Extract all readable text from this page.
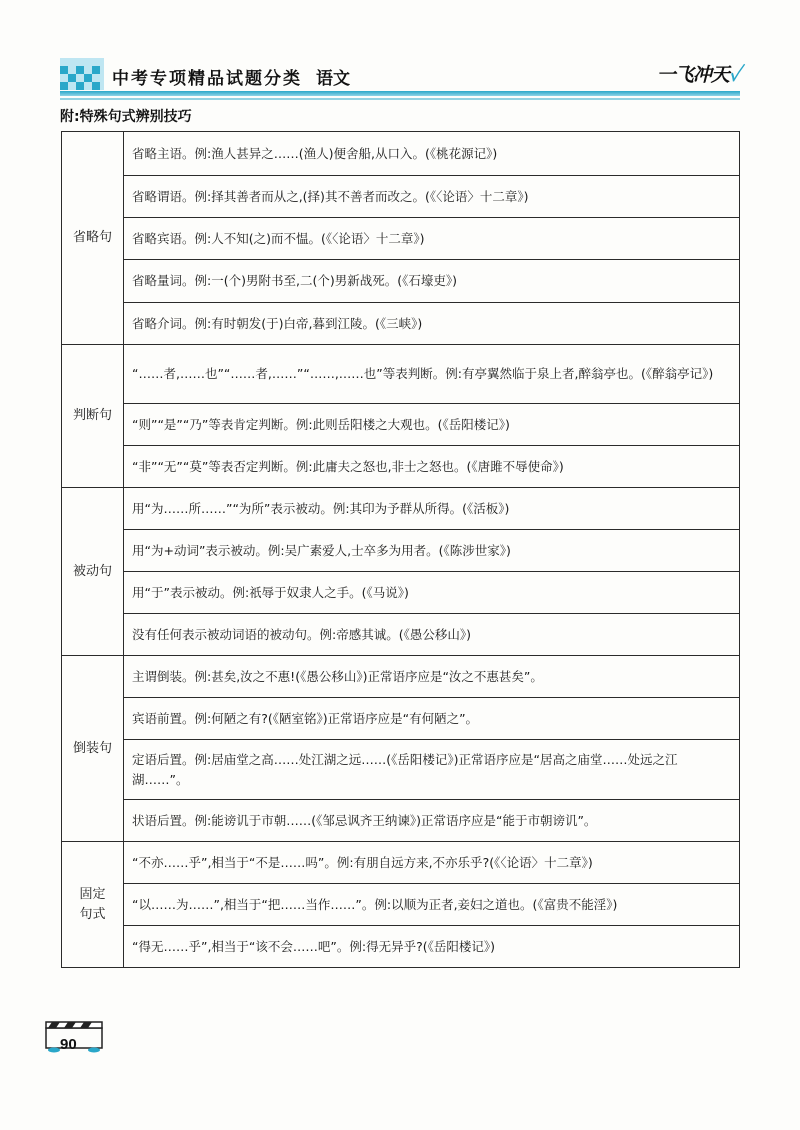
中考专项精品试题分类 语文	一飞冲天✓
附:特殊句式辨别技巧
省略句	省略主语。例:渔人甚异之……(渔人)便舍船,从口入。(《桃花源记》)
	省略谓语。例:择其善者而从之,(择)其不善者而改之。(《〈论语〉十二章》)
	省略宾语。例:人不知(之)而不愠。(《〈论语〉十二章》)
	省略量词。例:一(个)男附书至,二(个)男新战死。(《石壕吏》)
	省略介词。例:有时朝发(于)白帝,暮到江陵。(《三峡》)
判断句	“……者,……也”“……者,……”“……,……也”等表判断。例:有亭翼然临于泉上者,醉翁亭也。(《醉翁亭记》)
	“则”“是”“乃”等表肯定判断。例:此则岳阳楼之大观也。(《岳阳楼记》)
	“非”“无”“莫”等表否定判断。例:此庸夫之怒也,非士之怒也。(《唐雎不辱使命》)
被动句	用“为……所……”“为所”表示被动。例:其印为予群从所得。(《活板》)
	用“为+动词”表示被动。例:吴广素爱人,士卒多为用者。(《陈涉世家》)
	用“于”表示被动。例:祇辱于奴隶人之手。(《马说》)
	没有任何表示被动词语的被动句。例:帝感其诚。(《愚公移山》)
倒装句	主谓倒装。例:甚矣,汝之不惠!(《愚公移山》)正常语序应是“汝之不惠甚矣”。
	宾语前置。例:何陋之有?(《陋室铭》)正常语序应是“有何陋之”。
	定语后置。例:居庙堂之高……处江湖之远……(《岳阳楼记》)正常语序应是“居高之庙堂……处远之江湖……”。
	状语后置。例:能谤讥于市朝……(《邹忌讽齐王纳谏》)正常语序应是“能于市朝谤讥”。

固定
句式	“不亦……乎”,相当于“不是……吗”。例:有朋自远方来,不亦乐乎?(《〈论语〉十二章》)
	“以……为……”,相当于“把……当作……”。例:以顺为正者,妾妇之道也。(《富贵不能淫》)
	“得无……乎”,相当于“该不会……吧”。例:得无异乎?(《岳阳楼记》)
90
